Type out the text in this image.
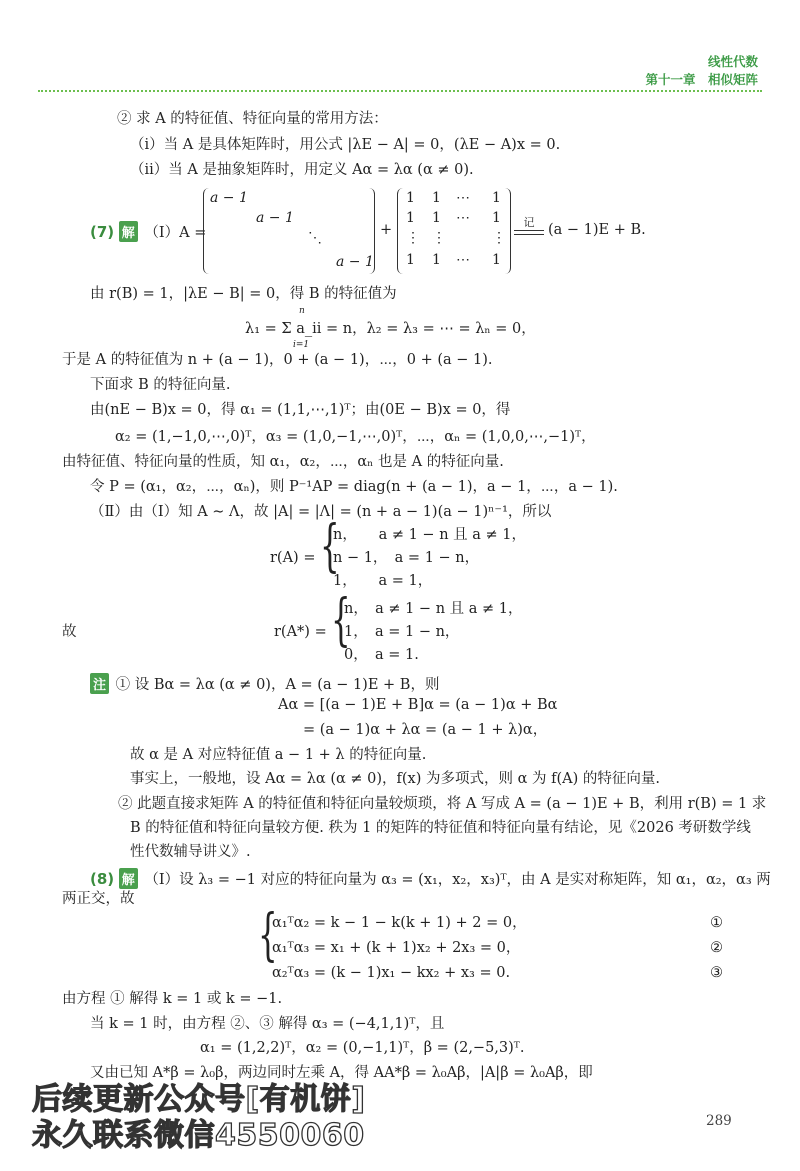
线性代数
第十一章　相似矩阵
② 求 A 的特征值、特征向量的常用方法：
（ⅰ）当 A 是具体矩阵时，用公式 |λE − A| = 0，(λE − A)x = 0.
（ⅱ）当 A 是抽象矩阵时，用定义 Aα = λα (α ≠ 0).
(7) 解 （Ⅰ）A =
a − 1
a − 1
⋱
a − 1
+
1 1 ⋯ 1
1 1 ⋯ 1
⋮ ⋮	⋮
1 1 ⋯ 1
记 (a − 1)E + B.
由 r(B) = 1，|λE − B| = 0，得 B 的特征值为
n
λ₁ = Σ a_ii = n，λ₂ = λ₃ = ⋯ = λₙ = 0，
i=1
于是 A 的特征值为 n + (a − 1)，0 + (a − 1)，⋯，0 + (a − 1).
下面求 B 的特征向量.
由(nE − B)x = 0，得 α₁ = (1,1,⋯,1)ᵀ；由(0E − B)x = 0，得
α₂ = (1,−1,0,⋯,0)ᵀ，α₃ = (1,0,−1,⋯,0)ᵀ，⋯，αₙ = (1,0,0,⋯,−1)ᵀ，
由特征值、特征向量的性质，知 α₁，α₂，⋯，αₙ 也是 A 的特征向量.
令 P = (α₁，α₂，⋯，αₙ)，则 P⁻¹AP = diag(n + (a − 1)，a − 1，⋯，a − 1).
（Ⅱ）由（Ⅰ）知 A ∼ Λ，故 |A| = |Λ| = (n + a − 1)(a − 1)ⁿ⁻¹，所以
r(A) = {
n，　　a ≠ 1 − n 且 a ≠ 1，
n − 1，　a = 1 − n，
1，　　a = 1，
故	r(A*) = {
n，　a ≠ 1 − n 且 a ≠ 1，
1，　a = 1 − n，
0，　a = 1.
注 ① 设 Bα = λα (α ≠ 0)，A = (a − 1)E + B，则
Aα = [(a − 1)E + B]α = (a − 1)α + Bα
= (a − 1)α + λα = (a − 1 + λ)α，
故 α 是 A 对应特征值 a − 1 + λ 的特征向量.
事实上，一般地，设 Aα = λα (α ≠ 0)，f(x) 为多项式，则 α 为 f(A) 的特征向量.
② 此题直接求矩阵 A 的特征值和特征向量较烦琐，将 A 写成 A = (a − 1)E + B，利用 r(B) = 1 求
B 的特征值和特征向量较方便. 秩为 1 的矩阵的特征值和特征向量有结论，见《2026 考研数学线
性代数辅导讲义》.
(8) 解 （Ⅰ）设 λ₃ = −1 对应的特征向量为 α₃ = (x₁，x₂，x₃)ᵀ，由 A 是实对称矩阵，知 α₁，α₂，α₃ 两
两正交，故
{
α₁ᵀα₂ = k − 1 − k(k + 1) + 2 = 0，
α₁ᵀα₃ = x₁ + (k + 1)x₂ + 2x₃ = 0，
α₂ᵀα₃ = (k − 1)x₁ − kx₂ + x₃ = 0.
①
②
③
由方程 ① 解得 k = 1 或 k = −1.
当 k = 1 时，由方程 ②、③ 解得 α₃ = (−4,1,1)ᵀ，且
α₁ = (1,2,2)ᵀ，α₂ = (0,−1,1)ᵀ，β = (2,−5,3)ᵀ.
又由已知 A*β = λ₀β，两边同时左乘 A，得 AA*β = λ₀Aβ，|A|β = λ₀Aβ，即
后续更新公众号[有机饼]
永久联系微信4550060	289
